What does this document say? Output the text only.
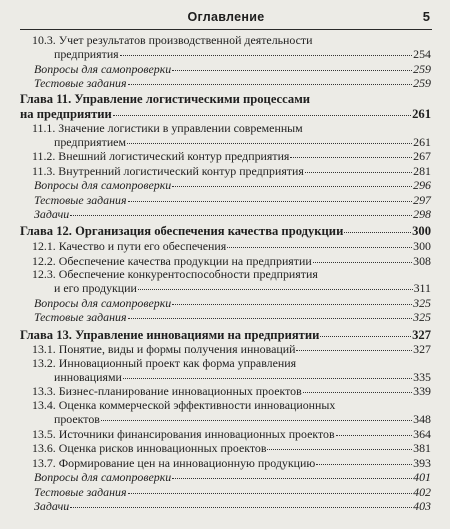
Оглавление	5
10.3. Учет результатов производственной деятельности
предприятия	254
Вопросы для самопроверки	259
Тестовые задания	259
Глава 11. Управление логистическими процессами
на предприятии	261
11.1. Значение логистики в управлении современным
предприятием	261
11.2. Внешний логистический контур предприятия	267
11.3. Внутренний логистический контур предприятия	281
Вопросы для самопроверки	296
Тестовые задания	297
Задачи	298
Глава 12. Организация обеспечения качества продукции	300
12.1. Качество и пути его обеспечения	300
12.2. Обеспечение качества продукции на предприятии	308
12.3. Обеспечение конкурентоспособности предприятия
и его продукции	311
Вопросы для самопроверки	325
Тестовые задания	325
Глава 13. Управление инновациями на предприятии	327
13.1. Понятие, виды и формы получения инноваций	327
13.2. Инновационный проект как форма управления
инновациями	335
13.3. Бизнес-планирование инновационных проектов	339
13.4. Оценка коммерческой эффективности инновационных
проектов	348
13.5. Источники финансирования инновационных проектов	364
13.6. Оценка рисков инновационных проектов	381
13.7. Формирование цен на инновационную продукцию	393
Вопросы для самопроверки	401
Тестовые задания	402
Задачи	403
